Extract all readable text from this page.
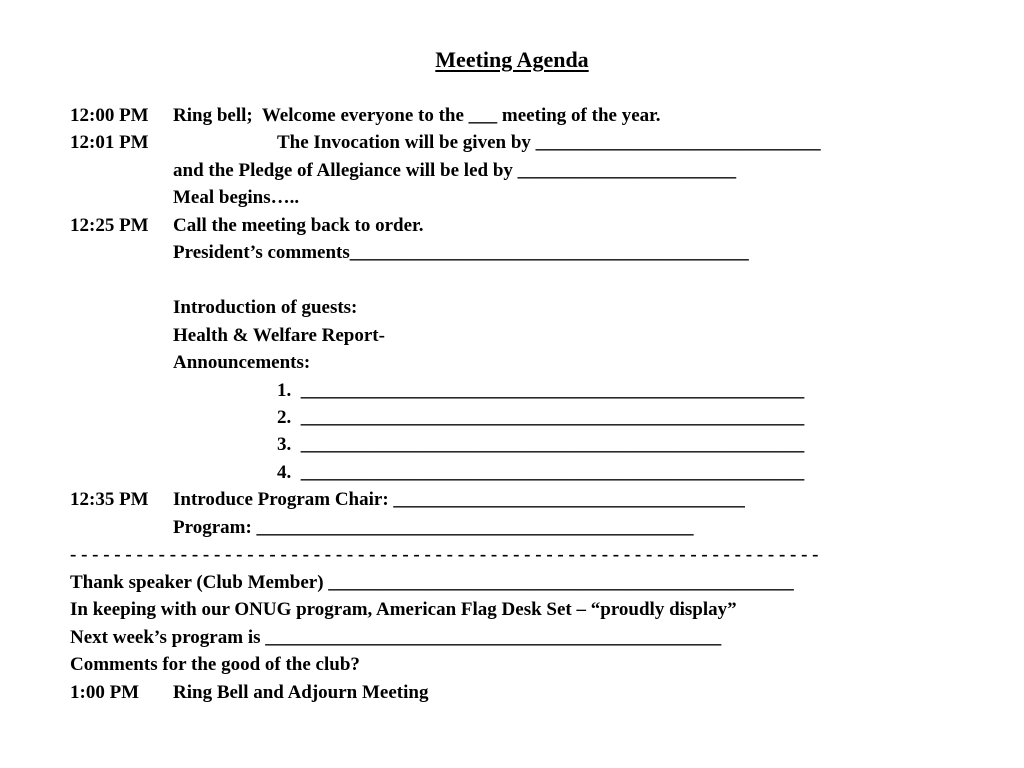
Meeting Agenda
12:00 PM Ring bell;  Welcome everyone to the ___ meeting of the year.
12:01 PM	The Invocation will be given by ______________________________
and the Pledge of Allegiance will be led by _______________________
Meal begins…..
12:25 PM Call the meeting back to order.
President’s comments__________________________________________

Introduction of guests:
Health & Welfare Report-
Announcements:
1.  _____________________________________________________
2.  _____________________________________________________
3.  _____________________________________________________
4.  _____________________________________________________
12:35 PM Introduce Program Chair: _____________________________________
Program: ______________________________________________
- - - - - - - - - - - - - - - - - - - - - - - - - - - - - - - - - - - - - - - - - - - - - - - - - - - - - - - - - - - - - - - - - - - -
Thank speaker (Club Member) _________________________________________________
In keeping with our ONUG program, American Flag Desk Set – “proudly display”
Next week’s program is ________________________________________________
Comments for the good of the club?
1:00 PM Ring Bell and Adjourn Meeting
